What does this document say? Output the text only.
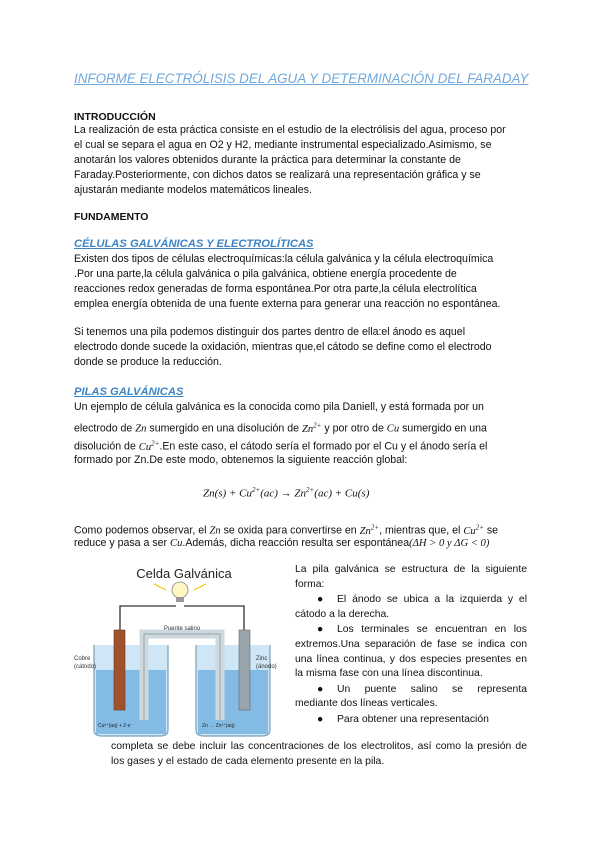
INFORME ELECTRÓLISIS DEL AGUA Y DETERMINACIÓN DEL FARADAY
INTRODUCCIÓN
La realización de esta práctica consiste en el estudio de la electrólisis del agua, proceso por
el cual se separa el agua en O2 y H2, mediante instrumental especializado.Asimismo, se
anotarán los valores obtenidos durante la práctica para determinar la constante de
Faraday.Posteriormente, con dichos datos se realizará una representación gráfica y se
ajustarán mediante modelos matemáticos lineales.
FUNDAMENTO
CÉLULAS GALVÁNICAS Y ELECTROLÍTICAS
Existen dos tipos de células electroquímicas:la célula galvánica y la célula electroquímica
.Por una parte,la célula galvánica o pila galvánica, obtiene energía procedente de
reacciones redox generadas de forma espontánea.Por otra parte,la célula electrolítica
emplea energía obtenida de una fuente externa para generar una reacción no espontánea.
Si tenemos una pila podemos distinguir dos partes dentro de ella:el ánodo es aquel
electrodo donde sucede la oxidación, mientras que,el cátodo se define como el electrodo
donde se produce la reducción.
PILAS GALVÁNICAS
Un ejemplo de célula galvánica es la conocida como pila Daniell, y está formada por un
electrodo de Zn sumergido en una disolución de $Zn^{2+}$ y por otro de Cu sumergido en una
disolución de $Cu^{2+}.En$ este caso, el cátodo sería el formado por el Cu y el ánodo sería el
formado por Zn.De este modo, obtenemos la siguiente reacción global:
$Zn(s) + Cu^{2+}(ac) \to Zn^{2+}(ac) + Cu(s)$
Como podemos observar, el Zn se oxida para convertirse en $Zn^{2+}$, mientras que, el $Cu^{2+}$ se
reduce y pasa a ser Cu.Además, dicha reacción resulta ser espontánea(ΔH > 0 y ΔG < 0)
Celda Galvánica
Puente salino
Cobre
(cátodo)
Zinc
(ánodo)
Cu²⁺(aq) + 2 e⁻	Zn → Zn²⁺(aq)
La pila galvánica se estructura de la siguiente forma:
● El ánodo se ubica a la izquierda y el cátodo a la derecha.
● Los terminales se encuentran en los extremos.Una separación de fase se indica con una línea continua, y dos especies presentes en la misma fase con una línea discontinua.
● Un puente salino se representa mediante dos líneas verticales.
● Para obtener una representación
completa se debe incluir las concentraciones de los electrolitos, así como la presión de los gases y el estado de cada elemento presente en la pila.
